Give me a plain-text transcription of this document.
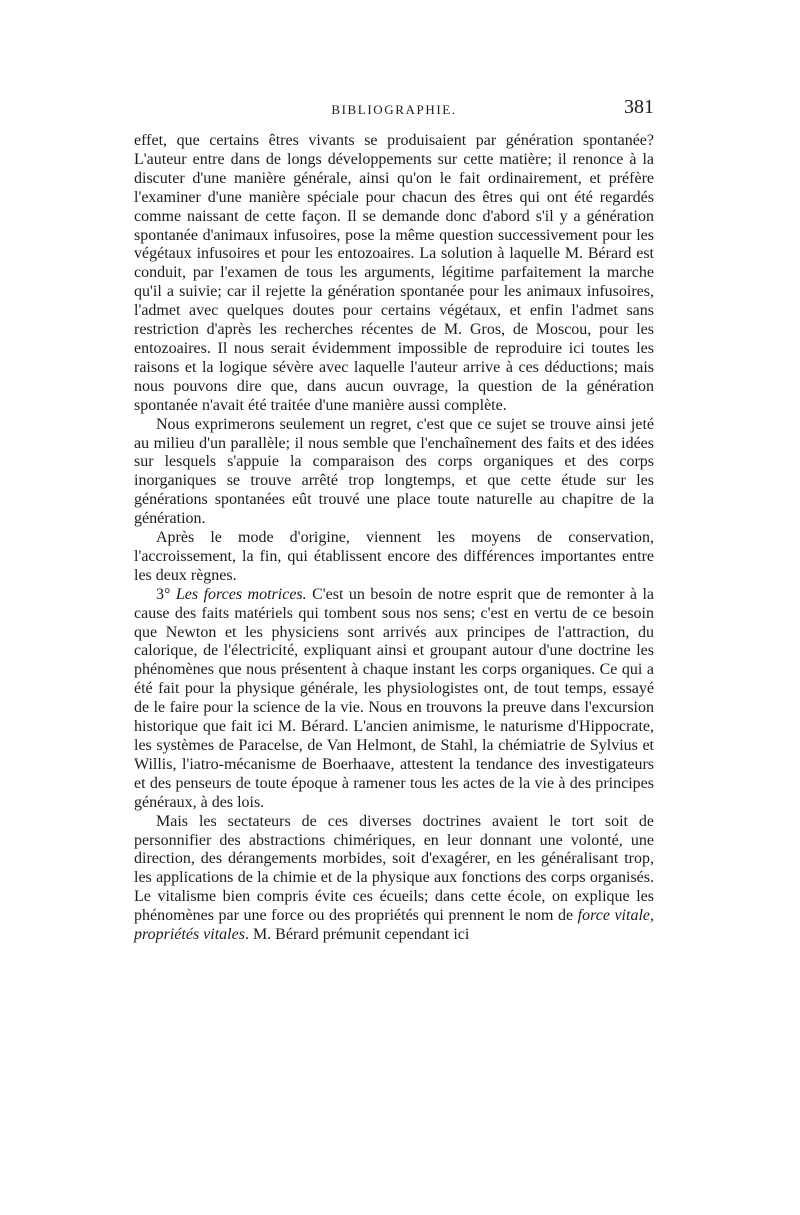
BIBLIOGRAPHIE.	381

effet, que certains êtres vivants se produisaient par génération spontanée? L'auteur entre dans de longs développements sur cette matière; il renonce à la discuter d'une manière générale, ainsi qu'on le fait ordinairement, et préfère l'examiner d'une manière spéciale pour chacun des êtres qui ont été regardés comme naissant de cette façon. Il se demande donc d'abord s'il y a génération spontanée d'animaux infusoires, pose la même question successivement pour les végétaux infusoires et pour les entozoaires. La solution à laquelle M. Bérard est conduit, par l'examen de tous les arguments, légitime parfaitement la marche qu'il a suivie; car il rejette la génération spontanée pour les animaux infusoires, l'admet avec quelques doutes pour certains végétaux, et enfin l'admet sans restriction d'après les recherches récentes de M. Gros, de Moscou, pour les entozoaires. Il nous serait évidemment impossible de reproduire ici toutes les raisons et la logique sévère avec laquelle l'auteur arrive à ces déductions; mais nous pouvons dire que, dans aucun ouvrage, la question de la génération spontanée n'avait été traitée d'une manière aussi complète.

Nous exprimerons seulement un regret, c'est que ce sujet se trouve ainsi jeté au milieu d'un parallèle; il nous semble que l'enchaînement des faits et des idées sur lesquels s'appuie la comparaison des corps organiques et des corps inorganiques se trouve arrêté trop longtemps, et que cette étude sur les générations spontanées eût trouvé une place toute naturelle au chapitre de la génération.

Après le mode d'origine, viennent les moyens de conservation, l'accroissement, la fin, qui établissent encore des différences importantes entre les deux règnes.

3° Les forces motrices. C'est un besoin de notre esprit que de remonter à la cause des faits matériels qui tombent sous nos sens; c'est en vertu de ce besoin que Newton et les physiciens sont arrivés aux principes de l'attraction, du calorique, de l'électricité, expliquant ainsi et groupant autour d'une doctrine les phénomènes que nous présentent à chaque instant les corps organiques. Ce qui a été fait pour la physique générale, les physiologistes ont, de tout temps, essayé de le faire pour la science de la vie. Nous en trouvons la preuve dans l'excursion historique que fait ici M. Bérard. L'ancien animisme, le naturisme d'Hippocrate, les systèmes de Paracelse, de Van Helmont, de Stahl, la chémiatrie de Sylvius et Willis, l'iatro-mécanisme de Boerhaave, attestent la tendance des investigateurs et des penseurs de toute époque à ramener tous les actes de la vie à des principes généraux, à des lois.

Mais les sectateurs de ces diverses doctrines avaient le tort soit de personnifier des abstractions chimériques, en leur donnant une volonté, une direction, des dérangements morbides, soit d'exagérer, en les généralisant trop, les applications de la chimie et de la physique aux fonctions des corps organisés. Le vitalisme bien compris évite ces écueils; dans cette école, on explique les phénomènes par une force ou des propriétés qui prennent le nom de force vitale, propriétés vitales. M. Bérard prémunit cependant ici
